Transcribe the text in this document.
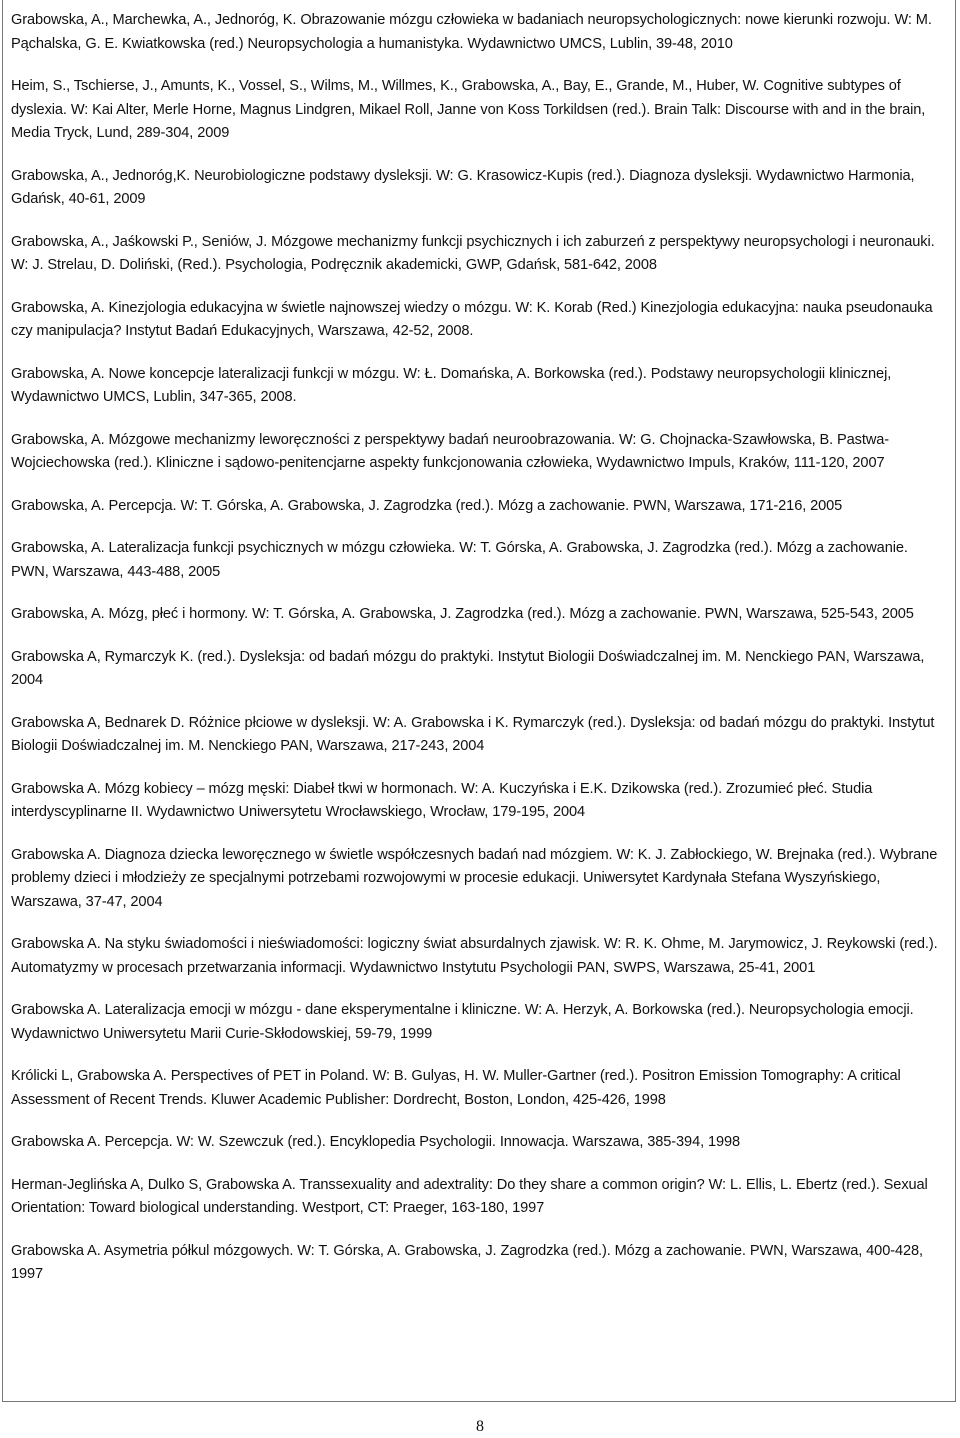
Grabowska, A., Marchewka, A., Jednoróg, K. Obrazowanie mózgu człowieka w badaniach neuropsychologicznych: nowe kierunki rozwoju. W: M. Pąchalska, G. E. Kwiatkowska (red.) Neuropsychologia a humanistyka. Wydawnictwo UMCS, Lublin, 39-48, 2010

Heim, S., Tschierse, J., Amunts, K., Vossel, S., Wilms, M., Willmes, K., Grabowska, A., Bay, E., Grande, M., Huber, W. Cognitive subtypes of dyslexia. W: Kai Alter, Merle Horne, Magnus Lindgren, Mikael Roll, Janne von Koss Torkildsen (red.). Brain Talk: Discourse with and in the brain, Media Tryck, Lund, 289-304, 2009

Grabowska, A., Jednoróg,K. Neurobiologiczne podstawy dysleksji. W: G. Krasowicz-Kupis (red.). Diagnoza dysleksji. Wydawnictwo Harmonia, Gdańsk, 40-61, 2009

Grabowska, A., Jaśkowski P., Seniów, J. Mózgowe mechanizmy funkcji psychicznych i ich zaburzeń z perspektywy neuropsychologi i neuronauki. W: J. Strelau, D. Doliński, (Red.). Psychologia, Podręcznik akademicki, GWP, Gdańsk, 581-642, 2008

Grabowska, A. Kinezjologia edukacyjna w świetle najnowszej wiedzy o mózgu. W: K. Korab (Red.) Kinezjologia edukacyjna: nauka pseudonauka czy manipulacja? Instytut Badań Edukacyjnych, Warszawa, 42-52, 2008.

Grabowska, A. Nowe koncepcje lateralizacji funkcji w mózgu. W: Ł. Domańska, A. Borkowska (red.). Podstawy neuropsychologii klinicznej, Wydawnictwo UMCS, Lublin, 347-365, 2008.

Grabowska, A. Mózgowe mechanizmy leworęczności z perspektywy badań neuroobrazowania. W: G. Chojnacka-Szawłowska, B. Pastwa-Wojciechowska (red.). Kliniczne i sądowo-penitencjarne aspekty funkcjonowania człowieka, Wydawnictwo Impuls, Kraków, 111-120, 2007

Grabowska, A. Percepcja. W: T. Górska, A. Grabowska, J. Zagrodzka (red.). Mózg a zachowanie. PWN, Warszawa, 171-216, 2005

Grabowska, A. Lateralizacja funkcji psychicznych w mózgu człowieka. W: T. Górska, A. Grabowska, J. Zagrodzka (red.). Mózg a zachowanie. PWN, Warszawa, 443-488, 2005

Grabowska, A. Mózg, płeć i hormony. W: T. Górska, A. Grabowska, J. Zagrodzka (red.). Mózg a zachowanie. PWN, Warszawa, 525-543, 2005

Grabowska A, Rymarczyk K. (red.). Dysleksja: od badań mózgu do praktyki. Instytut Biologii Doświadczalnej im. M. Nenckiego PAN, Warszawa, 2004

Grabowska A, Bednarek D. Różnice płciowe w dysleksji. W: A. Grabowska i K. Rymarczyk (red.). Dysleksja: od badań mózgu do praktyki. Instytut Biologii Doświadczalnej im. M. Nenckiego PAN, Warszawa, 217-243, 2004

Grabowska A. Mózg kobiecy – mózg męski: Diabeł tkwi w hormonach. W: A. Kuczyńska i E.K. Dzikowska (red.). Zrozumieć płeć. Studia interdyscyplinarne II. Wydawnictwo Uniwersytetu Wrocławskiego, Wrocław, 179-195, 2004

Grabowska A. Diagnoza dziecka leworęcznego w świetle współczesnych badań nad mózgiem. W: K. J. Zabłockiego, W. Brejnaka (red.). Wybrane problemy dzieci i młodzieży ze specjalnymi potrzebami rozwojowymi w procesie edukacji. Uniwersytet Kardynała Stefana Wyszyńskiego, Warszawa, 37-47, 2004

Grabowska A. Na styku świadomości i nieświadomości: logiczny świat absurdalnych zjawisk. W: R. K. Ohme, M. Jarymowicz, J. Reykowski (red.). Automatyzmy w procesach przetwarzania informacji. Wydawnictwo Instytutu Psychologii PAN, SWPS, Warszawa, 25-41, 2001

Grabowska A. Lateralizacja emocji w mózgu - dane eksperymentalne i kliniczne. W: A. Herzyk, A. Borkowska (red.). Neuropsychologia emocji. Wydawnictwo Uniwersytetu Marii Curie-Skłodowskiej, 59-79, 1999

Królicki L, Grabowska A. Perspectives of PET in Poland. W: B. Gulyas, H. W. Muller-Gartner (red.). Positron Emission Tomography: A critical Assessment of Recent Trends. Kluwer Academic Publisher: Dordrecht, Boston, London, 425-426, 1998

Grabowska A. Percepcja. W: W. Szewczuk (red.). Encyklopedia Psychologii. Innowacja. Warszawa, 385-394, 1998

Herman-Jeglińska A, Dulko S, Grabowska A. Transsexuality and adextrality: Do they share a common origin? W: L. Ellis, L. Ebertz (red.). Sexual Orientation: Toward biological understanding. Westport, CT: Praeger, 163-180, 1997

Grabowska A. Asymetria półkul mózgowych. W: T. Górska, A. Grabowska, J. Zagrodzka (red.). Mózg a zachowanie. PWN, Warszawa, 400-428, 1997

8
